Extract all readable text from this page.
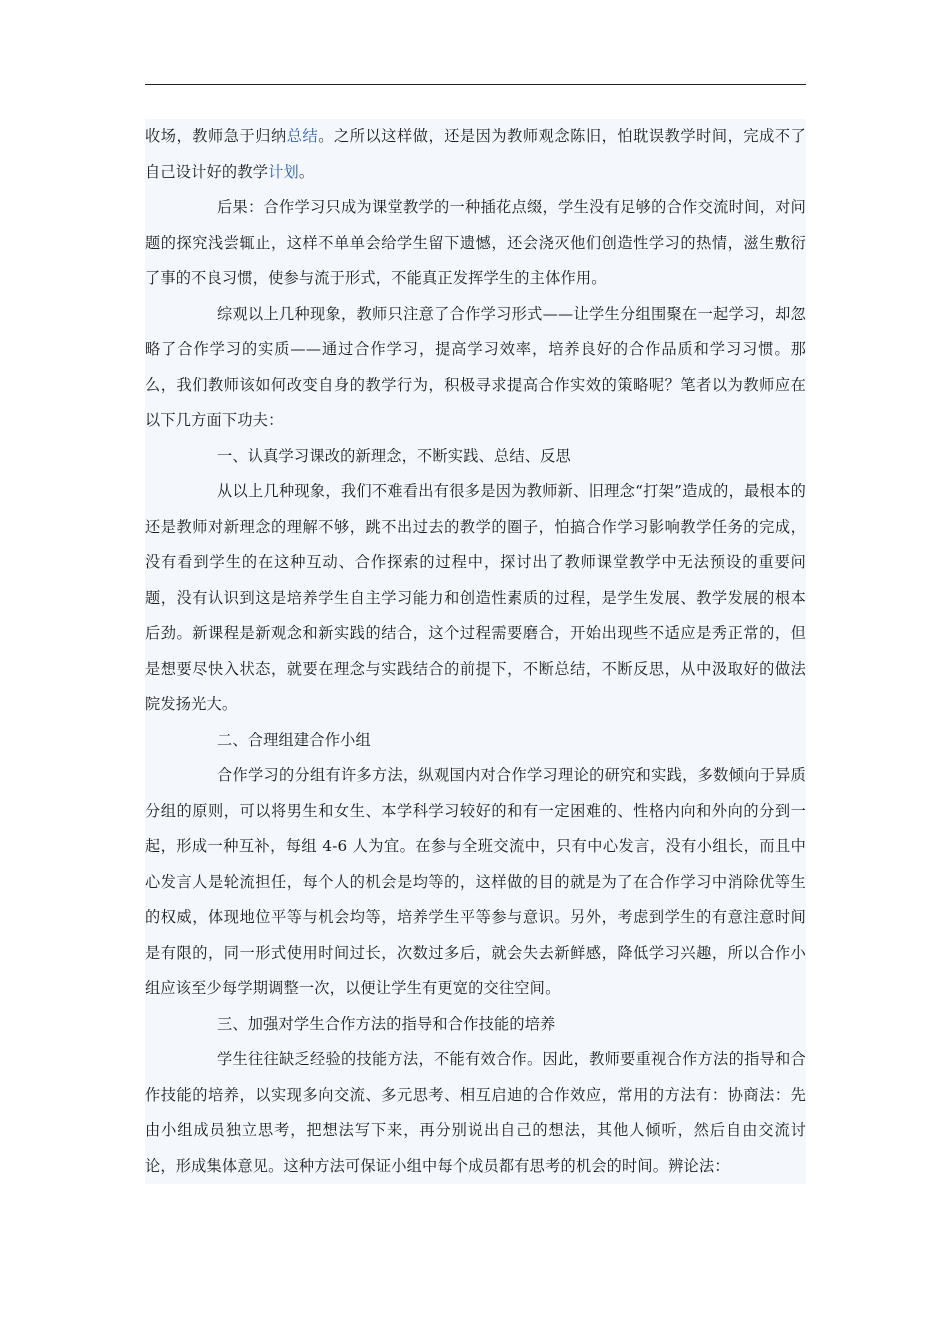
收场，教师急于归纳总结。之所以这样做，还是因为教师观念陈旧，怕耽误教学时间，完成不了自己设计好的教学计划。

后果：合作学习只成为课堂教学的一种插花点缀，学生没有足够的合作交流时间，对问题的探究浅尝辄止，这样不单单会给学生留下遗憾，还会浇灭他们创造性学习的热情，滋生敷衍了事的不良习惯，使参与流于形式，不能真正发挥学生的主体作用。

综观以上几种现象，教师只注意了合作学习形式——让学生分组围聚在一起学习，却忽略了合作学习的实质——通过合作学习，提高学习效率，培养良好的合作品质和学习习惯。那么，我们教师该如何改变自身的教学行为，积极寻求提高合作实效的策略呢？笔者以为教师应在以下几方面下功夫：

一、认真学习课改的新理念，不断实践、总结、反思

从以上几种现象，我们不难看出有很多是因为教师新、旧理念“打架”造成的，最根本的还是教师对新理念的理解不够，跳不出过去的教学的圈子，怕搞合作学习影响教学任务的完成，没有看到学生的在这种互动、合作探索的过程中，探讨出了教师课堂教学中无法预设的重要问题，没有认识到这是培养学生自主学习能力和创造性素质的过程，是学生发展、教学发展的根本后劲。新课程是新观念和新实践的结合，这个过程需要磨合，开始出现些不适应是秀正常的，但是想要尽快入状态，就要在理念与实践结合的前提下，不断总结，不断反思，从中汲取好的做法院发扬光大。

二、合理组建合作小组

合作学习的分组有许多方法，纵观国内对合作学习理论的研究和实践，多数倾向于异质分组的原则，可以将男生和女生、本学科学习较好的和有一定困难的、性格内向和外向的分到一起，形成一种互补，每组 4-6 人为宜。在参与全班交流中，只有中心发言，没有小组长，而且中心发言人是轮流担任，每个人的机会是均等的，这样做的目的就是为了在合作学习中消除优等生的权威，体现地位平等与机会均等，培养学生平等参与意识。另外，考虑到学生的有意注意时间是有限的，同一形式使用时间过长，次数过多后，就会失去新鲜感，降低学习兴趣，所以合作小组应该至少每学期调整一次，以便让学生有更宽的交往空间。

三、加强对学生合作方法的指导和合作技能的培养

学生往往缺乏经验的技能方法，不能有效合作。因此，教师要重视合作方法的指导和合作技能的培养，以实现多向交流、多元思考、相互启迪的合作效应，常用的方法有：协商法：先由小组成员独立思考，把想法写下来，再分别说出自己的想法，其他人倾听，然后自由交流讨论，形成集体意见。这种方法可保证小组中每个成员都有思考的机会的时间。辨论法：
